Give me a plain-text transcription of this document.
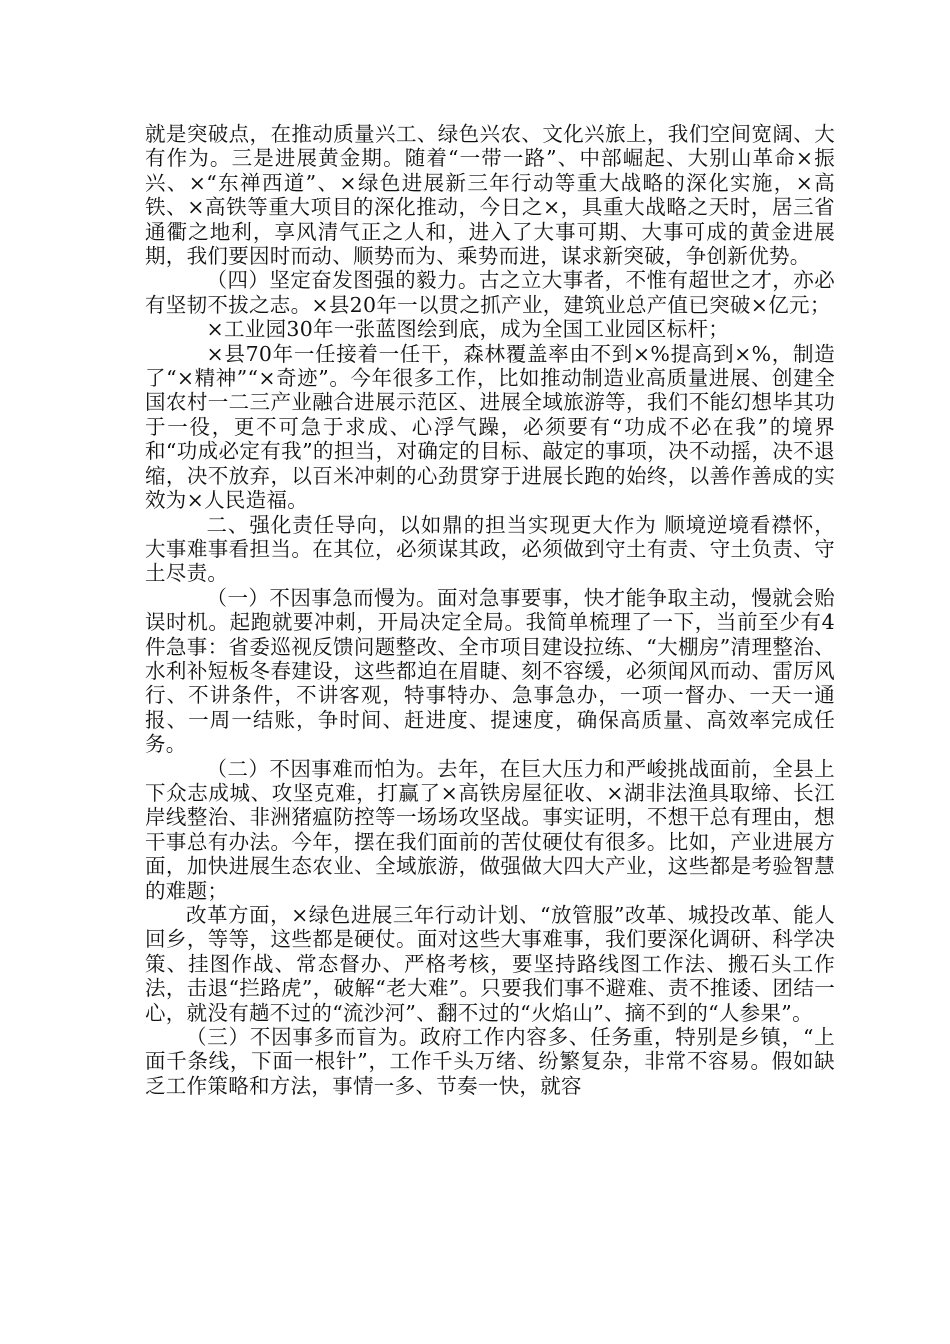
就是突破点，在推动质量兴工、绿色兴农、文化兴旅上，我们空间宽阔、大有作为。三是进展黄金期。随着“一带一路”、中部崛起、大别山革命×振兴、×“东禅西道”、×绿色进展新三年行动等重大战略的深化实施，×高铁、×高铁等重大项目的深化推动，今日之×，具重大战略之天时，居三省通衢之地利，享风清气正之人和，进入了大事可期、大事可成的黄金进展期，我们要因时而动、顺势而为、乘势而进，谋求新突破，争创新优势。

（四）坚定奋发图强的毅力。古之立大事者，不惟有超世之才，亦必有坚韧不拔之志。×县20年一以贯之抓产业，建筑业总产值已突破×亿元；

×工业园30年一张蓝图绘到底，成为全国工业园区标杆；

×县70年一任接着一任干，森林覆盖率由不到×%提高到×%，制造了“×精神”“×奇迹”。今年很多工作，比如推动制造业高质量进展、创建全国农村一二三产业融合进展示范区、进展全域旅游等，我们不能幻想毕其功于一役，更不可急于求成、心浮气躁，必须要有“功成不必在我”的境界和“功成必定有我”的担当，对确定的目标、敲定的事项，决不动摇，决不退缩，决不放弃，以百米冲刺的心劲贯穿于进展长跑的始终，以善作善成的实效为×人民造福。

二、强化责任导向，以如鼎的担当实现更大作为 顺境逆境看襟怀，大事难事看担当。在其位，必须谋其政，必须做到守土有责、守土负责、守土尽责。

（一）不因事急而慢为。面对急事要事，快才能争取主动，慢就会贻误时机。起跑就要冲刺，开局决定全局。我简单梳理了一下，当前至少有4件急事：省委巡视反馈问题整改、全市项目建设拉练、“大棚房”清理整治、水利补短板冬春建设，这些都迫在眉睫、刻不容缓，必须闻风而动、雷厉风行、不讲条件，不讲客观，特事特办、急事急办，一项一督办、一天一通报、一周一结账，争时间、赶进度、提速度，确保高质量、高效率完成任务。

（二）不因事难而怕为。去年，在巨大压力和严峻挑战面前，全县上下众志成城、攻坚克难，打赢了×高铁房屋征收、×湖非法渔具取缔、长江岸线整治、非洲猪瘟防控等一场场攻坚战。事实证明，不想干总有理由，想干事总有办法。今年，摆在我们面前的苦仗硬仗有很多。比如，产业进展方面，加快进展生态农业、全域旅游，做强做大四大产业，这些都是考验智慧的难题；

改革方面，×绿色进展三年行动计划、“放管服”改革、城投改革、能人回乡，等等，这些都是硬仗。面对这些大事难事，我们要深化调研、科学决策、挂图作战、常态督办、严格考核，要坚持路线图工作法、搬石头工作法，击退“拦路虎”，破解“老大难”。只要我们事不避难、责不推诿、团结一心，就没有趟不过的“流沙河”、翻不过的“火焰山”、摘不到的“人参果”。

（三）不因事多而盲为。政府工作内容多、任务重，特别是乡镇，“上面千条线，下面一根针”，工作千头万绪、纷繁复杂，非常不容易。假如缺乏工作策略和方法，事情一多、节奏一快，就容
